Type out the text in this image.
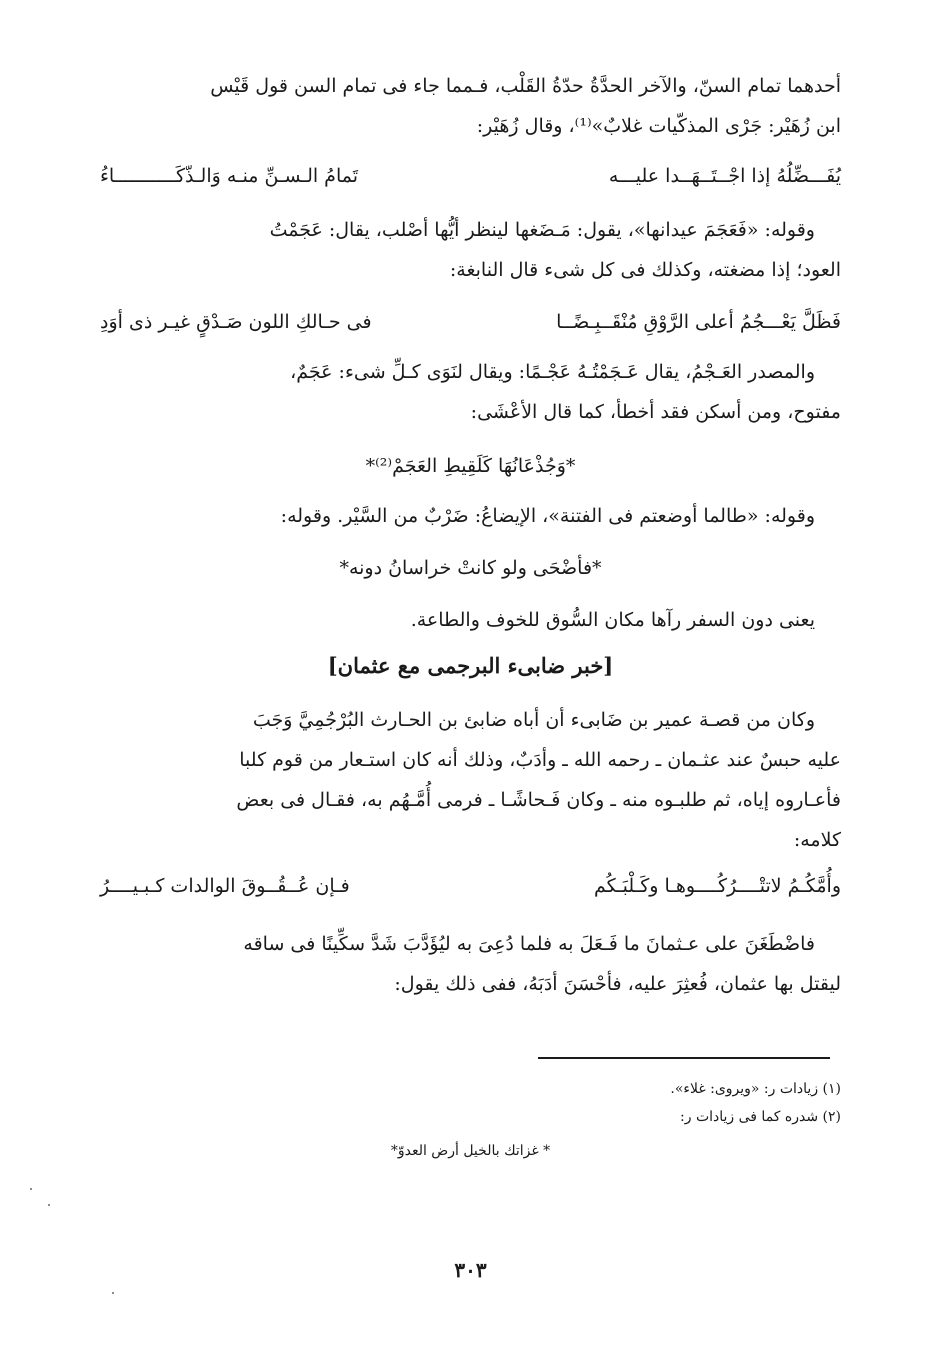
أحدهما تمام السنّ، والآخر الحدَّةُ حدّةُ القَلْب، فـمما جاء فى تمام السن قول قَيْس
ابن زُهَيْر: جَرْى المذكّيات غلابٌ»⁽¹⁾، وقال زُهَيْر:
يُفَـــضِّلُهُ إذا اجْــتَــهَــدا عليـــه
تَمامُ الـسـنِّ منـه وَالـذّكَـــــــــــاءُ
وقوله: «فَعَجَمَ عيدانها»، يقول: مَـضَغها لينظر أيُّها أصْلب، يقال: عَجَمْتُ
العود؛ إذا مضغته، وكذلك فى كل شىء قال النابغة:
فَظَلَّ يَعْـــجُمُ أعلى الرَّوْقِ مُنْقَــبِـضًــا
فى حـالكِ اللون صَـدْقٍ غيـر ذى أوَدِ
والمصدر العَـجْمُ، يقال عَـجَمْتُـهُ عَجْـمًا: ويقال لنَوَى كـلِّ شىء: عَجَمٌ،
مفتوح، ومن أسكن فقد أخطأ، كما قال الأعْشَى:
*وَجُذْعَانُهَا كَلَقِيطِ العَجَمْ⁽²⁾*
وقوله: «طالما أوضعتم فى الفتنة»، الإيضاعُ: ضَرْبٌ من السَّيْر. وقوله:
*فأضْحَى ولو كانتْ خراسانُ دونه*
يعنى دون السفر رآها مكان السُّوق للخوف والطاعة.
[خبر ضابىء البرجمى مع عثمان]
وكان من قصـة عمير بن ضَابىء أن أباه ضابئ بن الحـارث البُرْجُمِيَّ وَجَبَ
عليه حبسٌ عند عثـمان ـ رحمه الله ـ وأدَبٌ، وذلك أنه كان استـعار من قوم كلبا
فأعـاروه إياه، ثم طلبـوه منه ـ وكان فَـحاشًـا ـ فرمى أُمَّـهُم به، فقـال فى بعض
كلامه:
وأُمَّكُـمُ لاتتْــــرُكُــــوهـا وكَـلْبَـكُم
فـإن عُــقُــوقَ الوالدات كـبـيــــرُ
فاضْطَغَنَ على عـثمانَ ما فَـعَلَ به فلما دُعِىَ به ليُؤَدَّبَ شَدَّ سكِّينًا فى ساقه
ليقتل بها عثمان، فُعثِرَ عليه، فأحْسَنَ أدَبَهُ، ففى ذلك يقول:
(١) زيادات ر: «ويروى: غلاء».
(٢) شدره كما فى زيادات ر:
* غزاتك بالخيل أرض العدوّ*
٣٠٣
